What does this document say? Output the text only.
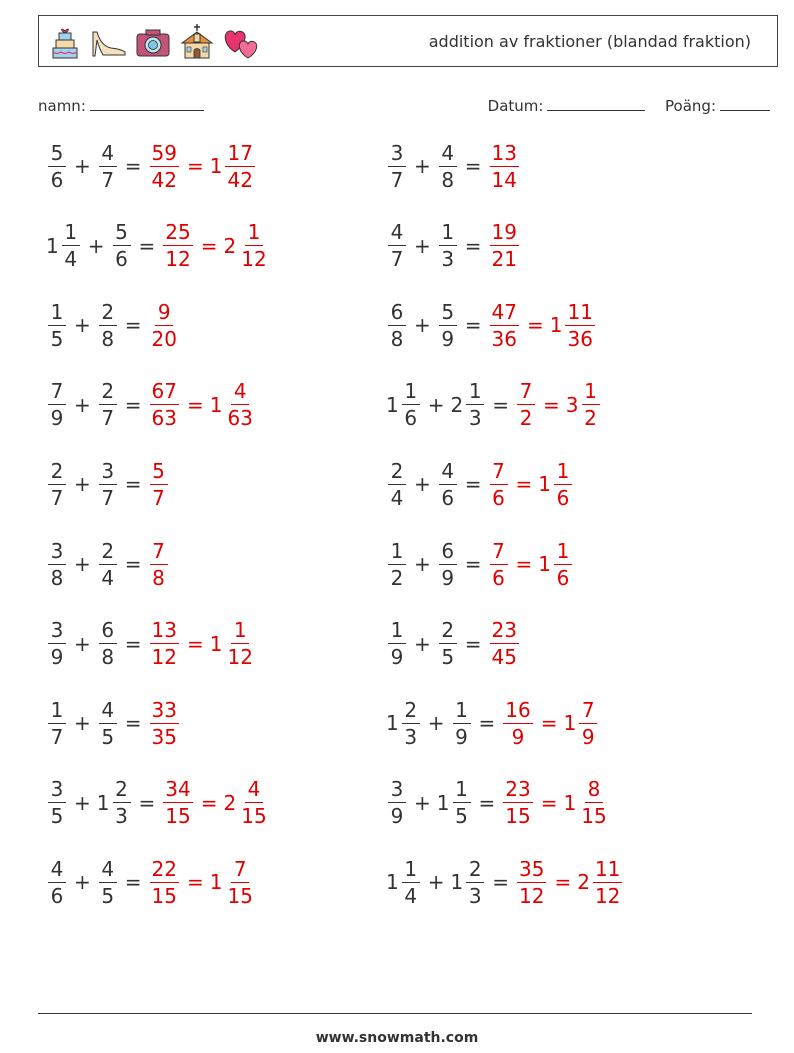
addition av fraktioner (blandad fraktion)
namn:	Datum:	Poäng:
$\frac{5}{6} + \frac{4}{7} = \frac{59}{42} = 1 \frac{17}{42}$	$\frac{3}{7} + \frac{4}{8} = \frac{13}{14}$
$1 \frac{1}{4} + \frac{5}{6} = \frac{25}{12} = 2 \frac{1}{12}$	$\frac{4}{7} + \frac{1}{3} = \frac{19}{21}$
$\frac{1}{5} + \frac{2}{8} = \frac{9}{20}$	$\frac{6}{8} + \frac{5}{9} = \frac{47}{36} = 1 \frac{11}{36}$
$\frac{7}{9} + \frac{2}{7} = \frac{67}{63} = 1 \frac{4}{63}$	$1 \frac{1}{6} + 2 \frac{1}{3} = \frac{7}{2} = 3 \frac{1}{2}$
$\frac{2}{7} + \frac{3}{7} = \frac{5}{7}$	$\frac{2}{4} + \frac{4}{6} = \frac{7}{6} = 1 \frac{1}{6}$
$\frac{3}{8} + \frac{2}{4} = \frac{7}{8}$	$\frac{1}{2} + \frac{6}{9} = \frac{7}{6} = 1 \frac{1}{6}$
$\frac{3}{9} + \frac{6}{8} = \frac{13}{12} = 1 \frac{1}{12}$	$\frac{1}{9} + \frac{2}{5} = \frac{23}{45}$
$\frac{1}{7} + \frac{4}{5} = \frac{33}{35}$	$1 \frac{2}{3} + \frac{1}{9} = \frac{16}{9} = 1 \frac{7}{9}$
$\frac{3}{5} + 1 \frac{2}{3} = \frac{34}{15} = 2 \frac{4}{15}$	$\frac{3}{9} + 1 \frac{1}{5} = \frac{23}{15} = 1 \frac{8}{15}$
$\frac{4}{6} + \frac{4}{5} = \frac{22}{15} = 1 \frac{7}{15}$	$1 \frac{1}{4} + 1 \frac{2}{3} = \frac{35}{12} = 2 \frac{11}{12}$
www.snowmath.com
